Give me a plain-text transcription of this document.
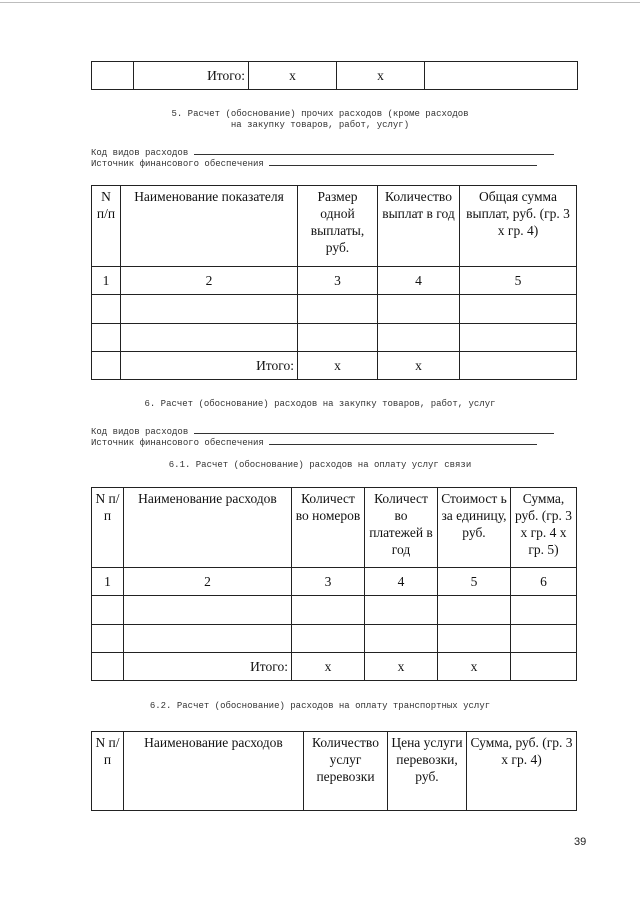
	Итого:	x	x	
5. Расчет (обоснование) прочих расходов (кроме расходов
на закупку товаров, работ, услуг)
Код видов расходов
Источник финансового обеспечения
N п/п	Наименование показателя	Размер одной выплаты, руб.	Количество выплат в год	Общая сумма выплат, руб. (гр. 3 x гр. 4)
1	2	3	4	5

	Итого:	x	x	
6. Расчет (обоснование) расходов на закупку товаров, работ, услуг
Код видов расходов
Источник финансового обеспечения
6.1. Расчет (обоснование) расходов на оплату услуг связи
N п/п	Наименование расходов	Количест во номеров	Количест во платежей в год	Стоимост ь за единицу, руб.	Сумма, руб. (гр. 3 x гр. 4 x гр. 5)
1	2	3	4	5	6

	Итого:	x	x	x	
6.2. Расчет (обоснование) расходов на оплату транспортных услуг
N п/п	Наименование расходов	Количество услуг перевозки	Цена услуги перевозки, руб.	Сумма, руб. (гр. 3 x гр. 4)
39
